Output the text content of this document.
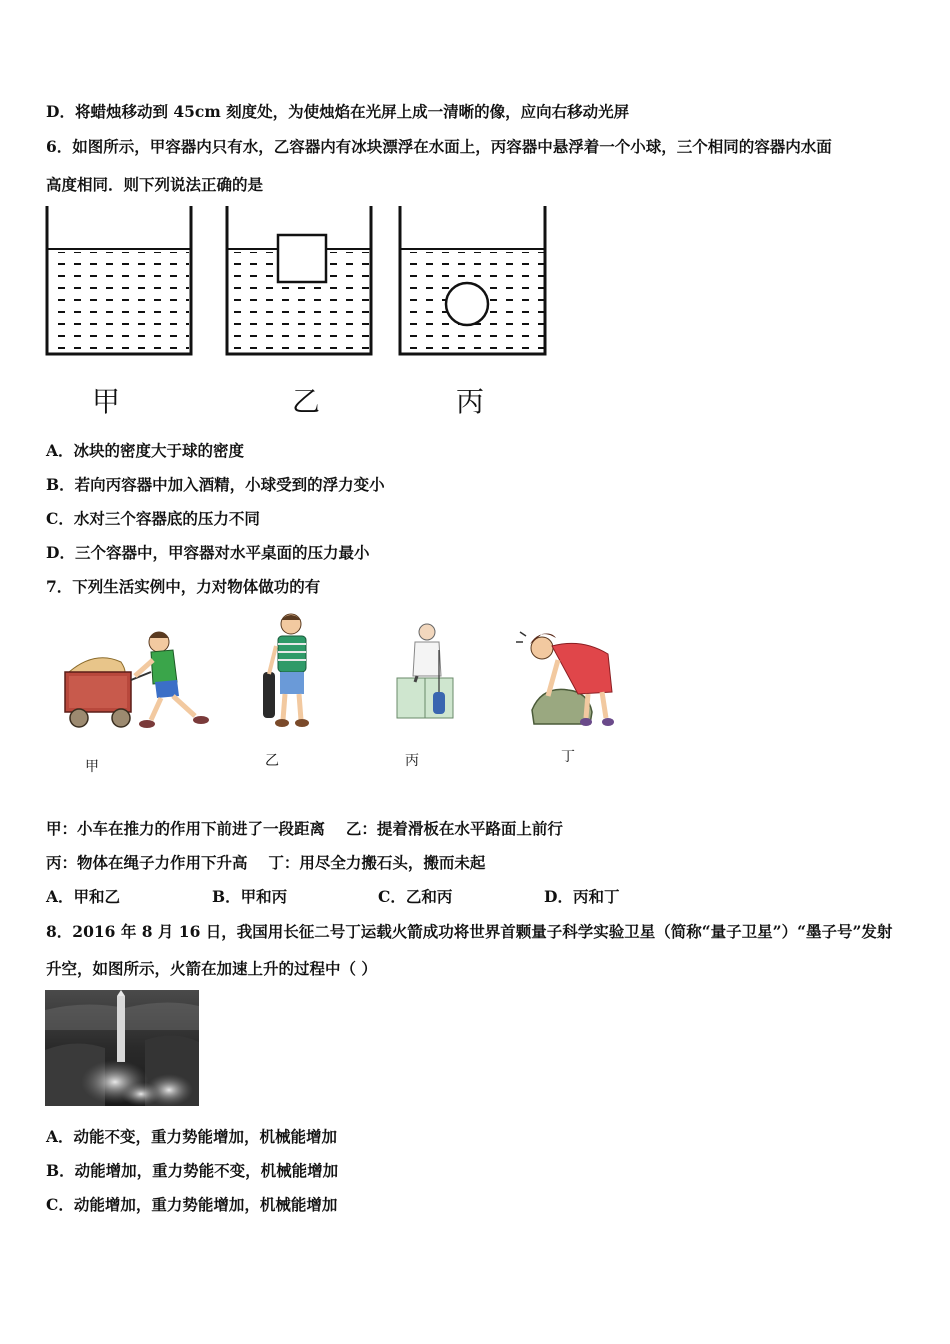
D．将蜡烛移动到 45cm 刻度处，为使烛焰在光屏上成一清晰的像，应向右移动光屏
6．如图所示，甲容器内只有水，乙容器内有冰块漂浮在水面上，丙容器中悬浮着一个小球，三个相同的容器内水面
高度相同．则下列说法正确的是
甲	乙	丙
A．冰块的密度大于球的密度
B．若向丙容器中加入酒精，小球受到的浮力变小
C．水对三个容器底的压力不同
D．三个容器中，甲容器对水平桌面的压力最小
7．下列生活实例中，力对物体做功的有
甲	乙	丙	丁
甲：小车在推力的作用下前进了一段距离　 乙：提着滑板在水平路面上前行
丙：物体在绳子力作用下升高　 丁：用尽全力搬石头，搬而未起
A．甲和乙	B．甲和丙	C．乙和丙	D．丙和丁
8．2016 年 8 月 16 日，我国用长征二号丁运载火箭成功将世界首颗量子科学实验卫星（简称“量子卫星”）“墨子号”发射
升空，如图所示，火箭在加速上升的过程中（ ）
A．动能不变，重力势能增加，机械能增加
B．动能增加，重力势能不变，机械能增加
C．动能增加，重力势能增加，机械能增加
